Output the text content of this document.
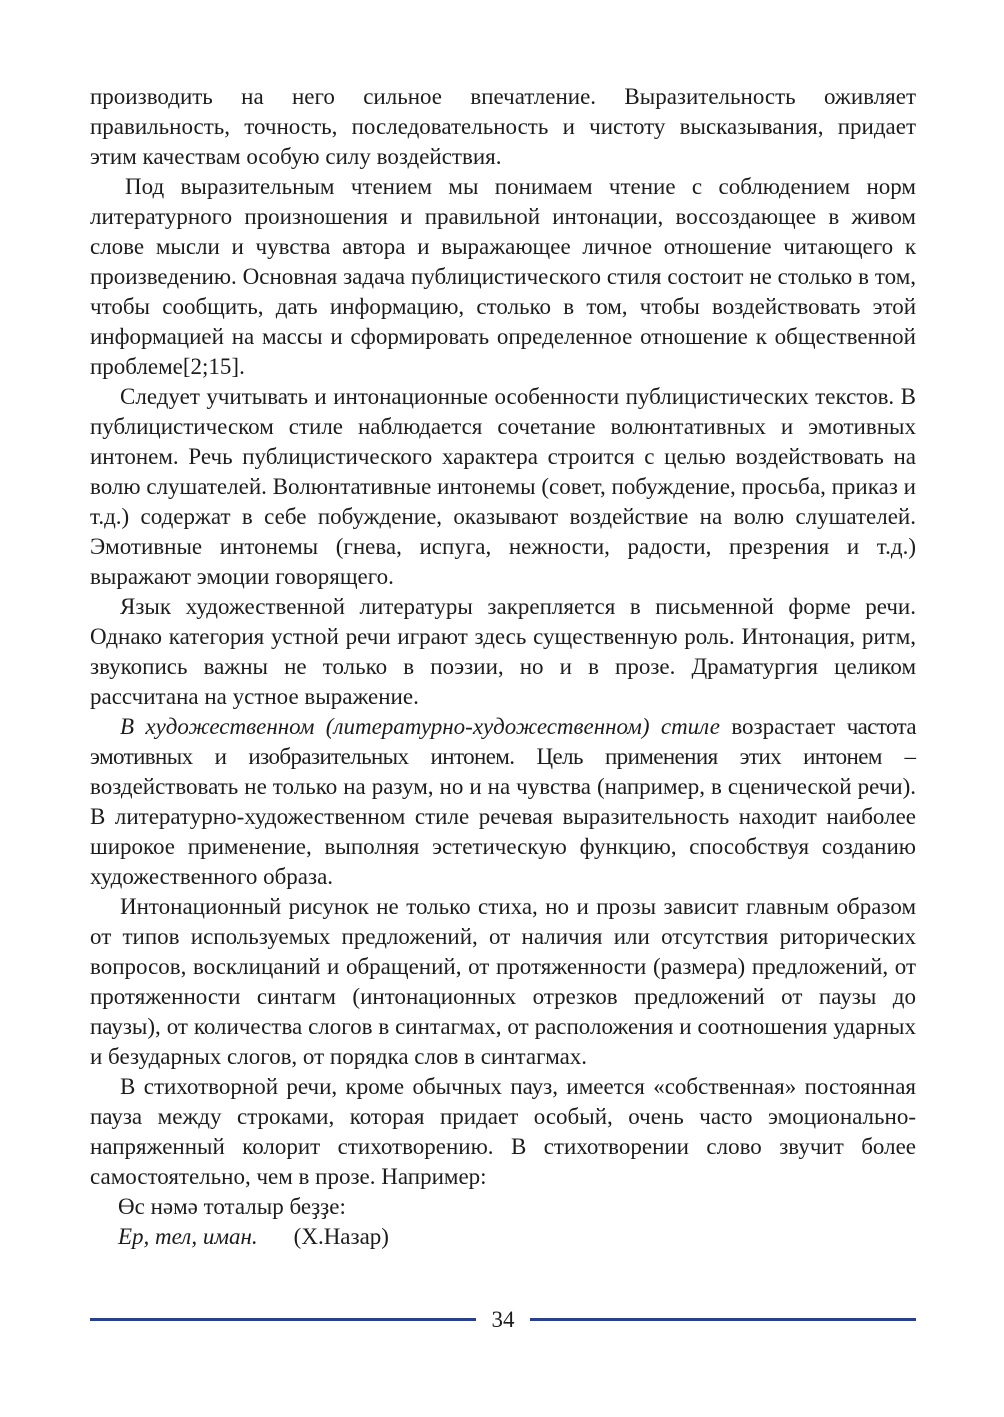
производить на него сильное впечатление. Выразительность оживляет правильность, точность, последовательность и чистоту высказывания, придает этим качествам особую силу воздействия.

Под выразительным чтением мы понимаем чтение с соблюдением норм литературного произношения и правильной интонации, воссоздающее в живом слове мысли и чувства автора и выражающее личное отношение читающего к произведению. Основная задача публицистического стиля состоит не столько в том, чтобы сообщить, дать информацию, столько в том, чтобы воздействовать этой информацией на массы и сформировать определенное отношение к общественной проблеме[2;15].

Следует учитывать и интонационные особенности публицистических текстов. В публицистическом стиле наблюдается сочетание волюнтативных и эмотивных интонем. Речь публицистического характера строится с целью воздействовать на волю слушателей. Волюнтативные интонемы (совет, побуждение, просьба, приказ и т.д.) содержат в себе побуждение, оказывают воздействие на волю слушателей. Эмотивные интонемы (гнева, испуга, нежности, радости, презрения и т.д.) выражают эмоции говорящего.

Язык художественной литературы закрепляется в письменной форме речи. Однако категория устной речи играют здесь существенную роль. Интонация, ритм, звукопись важны не только в поэзии, но и в прозе. Драматургия целиком рассчитана на устное выражение.

В художественном (литературно-художественном) стиле возрастает частота эмотивных и изобразительных интонем. Цель применения этих интонем – воздействовать не только на разум, но и на чувства (например, в сценической речи). В литературно-художественном стиле речевая выразительность находит наиболее широкое применение, выполняя эстетическую функцию, способствуя созданию художественного образа.

Интонационный рисунок не только стиха, но и прозы зависит главным образом от типов используемых предложений, от наличия или отсутствия риторических вопросов, восклицаний и обращений, от протяженности (размера) предложений, от протяженности синтагм (интонационных отрезков предложений от паузы до паузы), от количества слогов в синтагмах, от расположения и соотношения ударных и безударных слогов, от порядка слов в синтагмах.

В стихотворной речи, кроме обычных пауз, имеется «собственная» постоянная пауза между строками, которая придает особый, очень часто эмоционально-напряженный колорит стихотворению. В стихотворении слово звучит более самостоятельно, чем в прозе. Например:

Өс нәмә тоталыр беҙҙе:
Ер, тел, иман. (Х.Назар)
34
